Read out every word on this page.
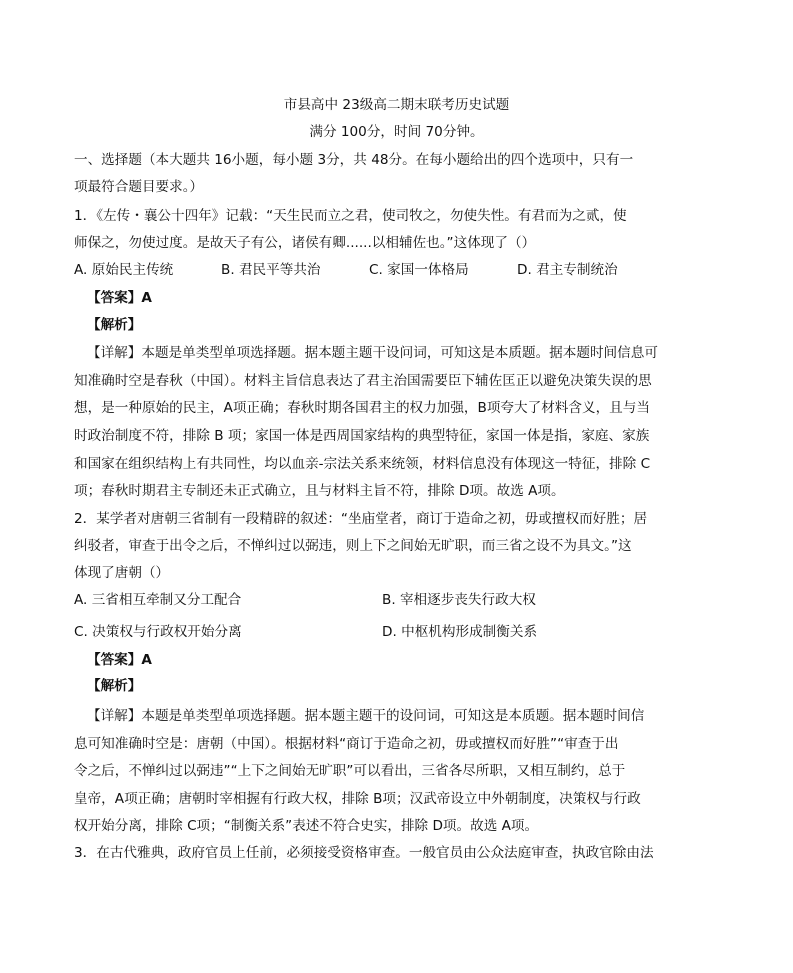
市县高中 23级高二期末联考历史试题
满分 100分，时间 70分钟。
一、选择题（本大题共 16小题，每小题 3分，共 48分。在每小题给出的四个选项中，只有一
项最符合题目要求。）
1．《左传・襄公十四年》记载：“天生民而立之君，使司牧之，勿使失性。有君而为之贰，使
师保之，勿使过度。是故天子有公，诸侯有卿......以相辅佐也。”这体现了（）
A. 原始民主传统	B. 君民平等共治	C. 家国一体格局	D. 君主专制统治
【答案】A
【解析】
【详解】本题是单类型单项选择题。据本题主题干设问词，可知这是本质题。据本题时间信息可
知准确时空是春秋（中国）。材料主旨信息表达了君主治国需要臣下辅佐匡正以避免决策失误的思
想，是一种原始的民主，A项正确；春秋时期各国君主的权力加强，B项夸大了材料含义，且与当
时政治制度不符，排除 B 项；家国一体是西周国家结构的典型特征，家国一体是指，家庭、家族
和国家在组织结构上有共同性，均以血亲-宗法关系来统领，材料信息没有体现这一特征，排除 C
项；春秋时期君主专制还未正式确立，且与材料主旨不符，排除 D项。故选 A项。
2．某学者对唐朝三省制有一段精辟的叙述：“坐庙堂者，商订于造命之初，毋或擅权而好胜；居
纠驳者，审查于出令之后，不惮纠过以弼违，则上下之间始无旷职，而三省之设不为具文。”这
体现了唐朝（）
A. 三省相互牵制又分工配合	B. 宰相逐步丧失行政大权
C. 决策权与行政权开始分离	D. 中枢机构形成制衡关系
【答案】A
【解析】
【详解】本题是单类型单项选择题。据本题主题干的设问词，可知这是本质题。据本题时间信
息可知准确时空是：唐朝（中国）。根据材料“商订于造命之初，毋或擅权而好胜”“审查于出
令之后，不惮纠过以弼违”“上下之间始无旷职”可以看出，三省各尽所职，又相互制约，总于
皇帝，A项正确；唐朝时宰相握有行政大权，排除 B项；汉武帝设立中外朝制度，决策权与行政
权开始分离，排除 C项；“制衡关系”表述不符合史实，排除 D项。故选 A项。
3．在古代雅典，政府官员上任前，必须接受资格审查。一般官员由公众法庭审查，执政官除由法
